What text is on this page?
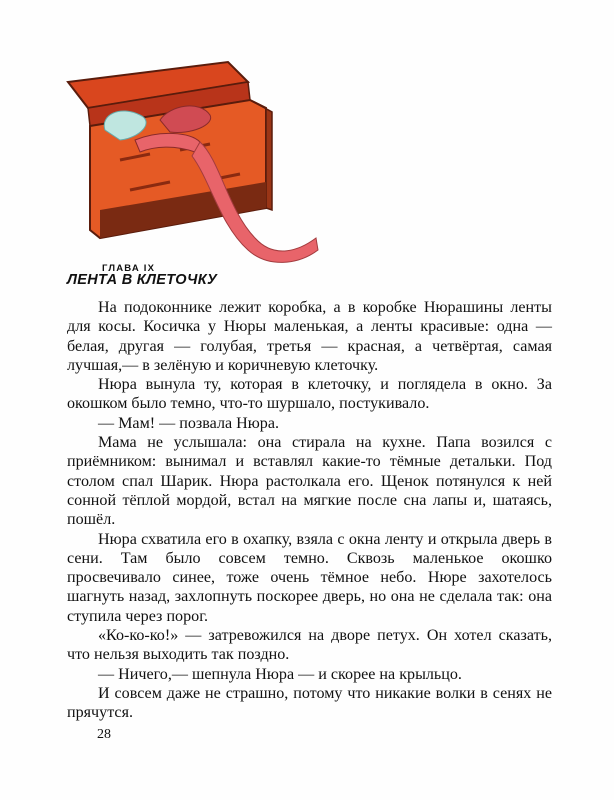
ГЛАВА IX
ЛЕНТА В КЛЕТОЧКУ

На подоконнике лежит коробка, а в коробке Нюрашины ленты для косы. Косичка у Нюры маленькая, а ленты красивые: одна — белая, другая — голубая, третья — красная, а четвёртая, самая лучшая,— в зелёную и коричневую клеточку.

Нюра вынула ту, которая в клеточку, и поглядела в окно. За окошком было темно, что-то шуршало, постукивало.

— Мам! — позвала Нюра.

Мама не услышала: она стирала на кухне. Папа возился с приёмником: вынимал и вставлял какие-то тёмные детальки. Под столом спал Шарик. Нюра растолкала его. Щенок потянулся к ней сонной тёплой мордой, встал на мягкие после сна лапы и, шатаясь, пошёл.

Нюра схватила его в охапку, взяла с окна ленту и открыла дверь в сени. Там было совсем темно. Сквозь маленькое окошко просвечивало синее, тоже очень тёмное небо. Нюре захотелось шагнуть назад, захлопнуть поскорее дверь, но она не сделала так: она ступила через порог.

«Ко-ко-ко!» — затревожился на дворе петух. Он хотел сказать, что нельзя выходить так поздно.

— Ничего,— шепнула Нюра — и скорее на крыльцо.

И совсем даже не страшно, потому что никакие волки в сенях не прячутся.

28
